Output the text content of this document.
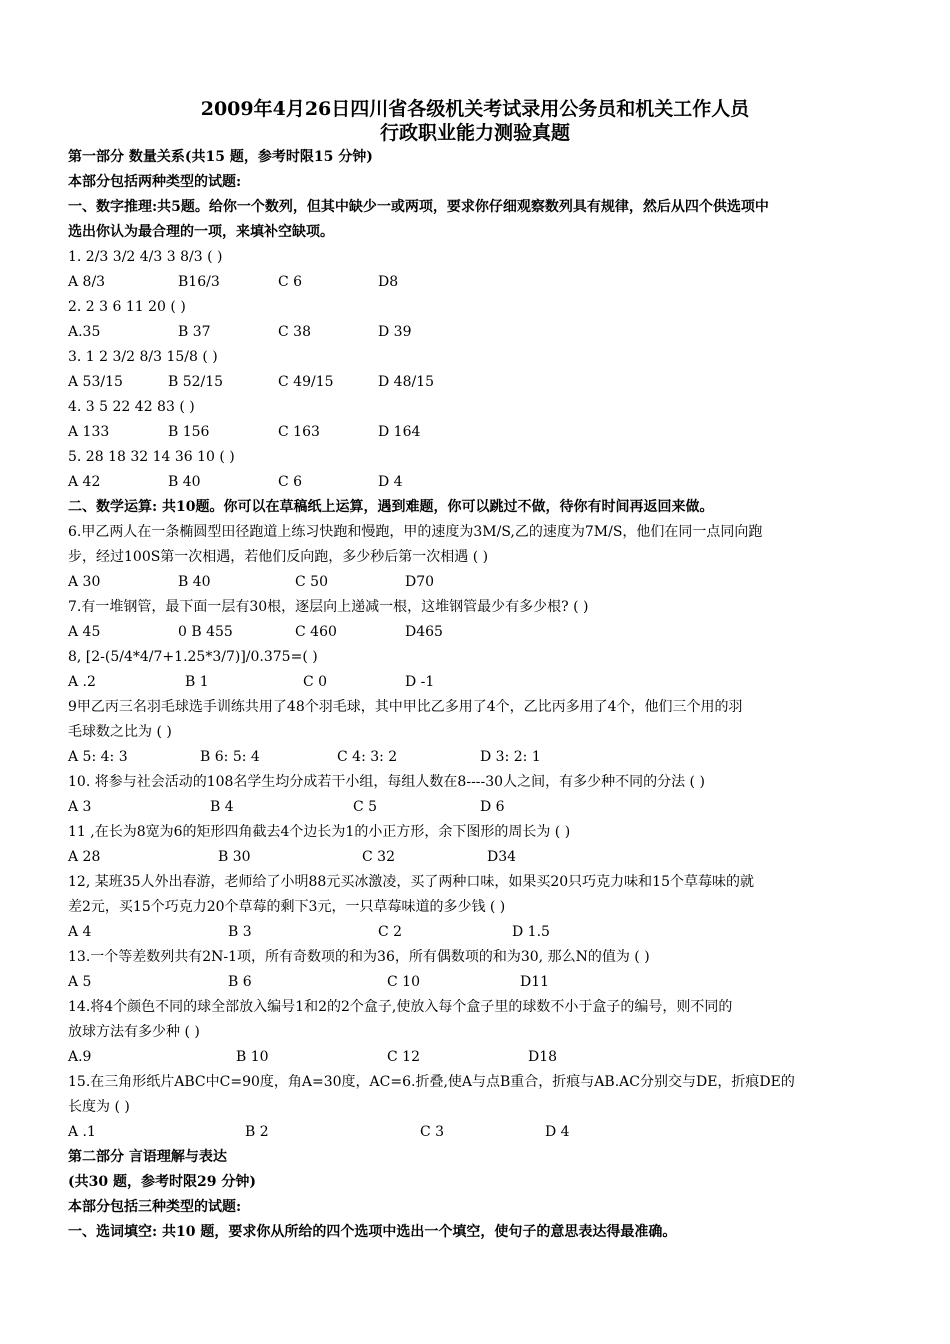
2009年4月26日四川省各级机关考试录用公务员和机关工作人员
行政职业能力测验真题
第一部分 数量关系(共15 题，参考时限15 分钟)
本部分包括两种类型的试题:
一、数字推理:共5题。给你一个数列，但其中缺少一或两项，要求你仔细观察数列具有规律，然后从四个供选项中
选出你认为最合理的一项，来填补空缺项。
1. 2/3 3/2 4/3 3 8/3 ( )
A 8/3	B16/3	C 6	D8
2. 2 3 6 11 20 ( )
A.35	B 37	C 38	D 39
3. 1 2 3/2 8/3 15/8 ( )
A 53/15	B 52/15	C 49/15	D 48/15
4. 3 5 22 42 83 ( )
A 133	B 156	C 163	D 164
5. 28 18 32 14 36 10 ( )
A 42	B 40	C 6	D 4
二、数学运算: 共10题。你可以在草稿纸上运算，遇到难题，你可以跳过不做，待你有时间再返回来做。
6.甲乙两人在一条椭圆型田径跑道上练习快跑和慢跑，甲的速度为3M/S,乙的速度为7M/S，他们在同一点同向跑
步，经过100S第一次相遇，若他们反向跑，多少秒后第一次相遇 ( )
A 30	B 40	C 50	D70
7.有一堆钢管，最下面一层有30根，逐层向上递减一根，这堆钢管最少有多少根? ( )
A 45	0 B 455	C 460	D465
8, [2-(5/4*4/7+1.25*3/7)]/0.375=( )
A .2	B 1	C 0	D -1
9甲乙丙三名羽毛球选手训练共用了48个羽毛球，其中甲比乙多用了4个，乙比丙多用了4个，他们三个用的羽
毛球数之比为 ( )
A 5: 4: 3	B 6: 5: 4	C 4: 3: 2	D 3: 2: 1
10. 将参与社会活动的108名学生均分成若干小组，每组人数在8----30人之间，有多少种不同的分法 ( )
A 3	B 4	C 5	D 6
11 ,在长为8宽为6的矩形四角截去4个边长为1的小正方形，余下图形的周长为 ( )
A 28	B 30	C 32	D34
12, 某班35人外出春游，老师给了小明88元买冰激凌，买了两种口味，如果买20只巧克力味和15个草莓味的就
差2元，买15个巧克力20个草莓的剩下3元，一只草莓味道的多少钱 ( )
A 4	B 3	C 2	D 1.5
13.一个等差数列共有2N-1项，所有奇数项的和为36，所有偶数项的和为30, 那么N的值为 ( )
A 5	B 6	C 10	D11
14.将4个颜色不同的球全部放入编号1和2的2个盒子,使放入每个盒子里的球数不小于盒子的编号，则不同的
放球方法有多少种 ( )
A.9	B 10	C 12	D18
15.在三角形纸片ABC中C=90度，角A=30度，AC=6.折叠,使A与点B重合，折痕与AB.AC分别交与DE，折痕DE的
长度为 ( )
A .1	B 2	C 3	D 4
第二部分 言语理解与表达
(共30 题，参考时限29 分钟)
本部分包括三种类型的试题:
一、选词填空: 共10 题，要求你从所给的四个选项中选出一个填空，使句子的意思表达得最准确。
